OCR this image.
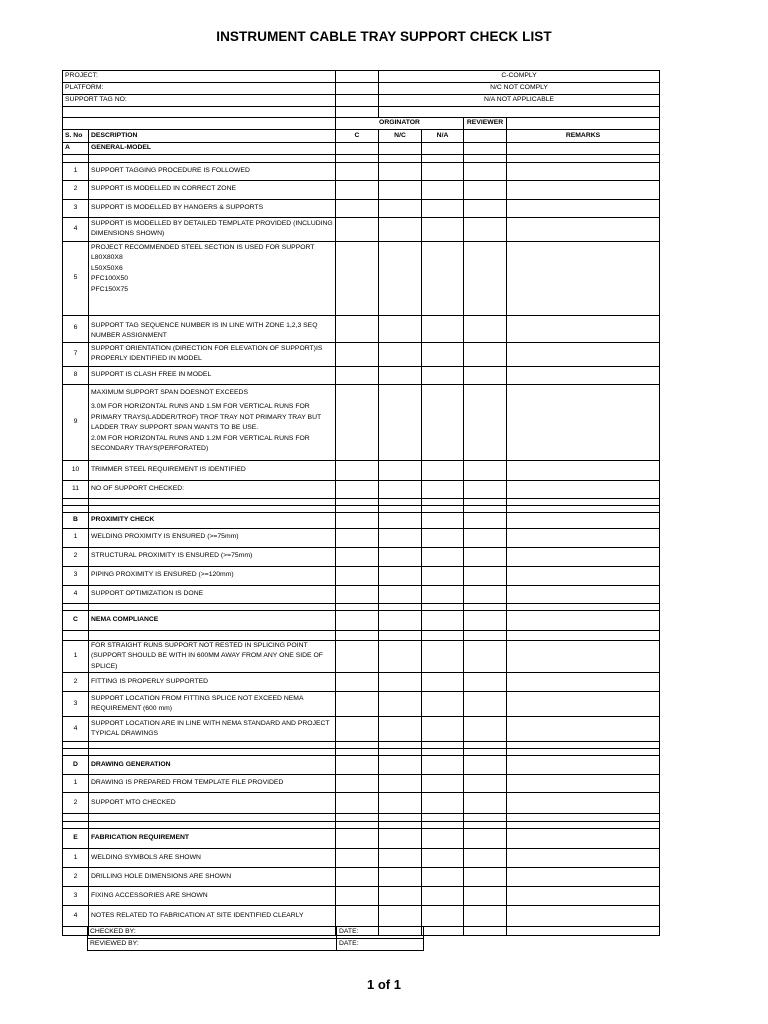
INSTRUMENT CABLE TRAY SUPPORT CHECK LIST
PROJECT:			C-COMPLY			
PLATFORM:			N/C NOT COMPLY			
SUPPORT TAG NO:			N/A NOT APPLICABLE			

		ORGINATOR			REVIEWER	
S. No	DESCRIPTION	C	N/C	N/A		REMARKS
A	GENERAL-MODEL					

1	SUPPORT TAGGING PROCEDURE IS FOLLOWED					
2	SUPPORT IS MODELLED IN CORRECT ZONE					
3	SUPPORT IS MODELLED BY HANGERS & SUPPORTS					
4	SUPPORT IS MODELLED BY DETAILED TEMPLATE PROVIDED (INCLUDING DIMENSIONS SHOWN)					
5	PROJECT RECOMMENDED STEEL SECTION IS USED FOR SUPPORT
L80X80X8
L50X50X6
PFC100X50
PFC150X75					

6	SUPPORT TAG SEQUENCE NUMBER IS IN LINE WITH ZONE 1,2,3 SEQ NUMBER ASSIGNMENT					
7	SUPPORT ORIENTATION (DIRECTION FOR ELEVATION OF SUPPORT)IS PROPERLY IDENTIFIED IN MODEL					
8	SUPPORT IS CLASH FREE IN MODEL					
9	MAXIMUM SUPPORT SPAN DOESNOT EXCEEDS
3.0M FOR HORIZONTAL RUNS AND 1.5M FOR VERTICAL RUNS FOR PRIMARY TRAYS(LADDER/TROF) TROF TRAY NOT PRIMARY TRAY BUT LADDER TRAY SUPPORT SPAN WANTS TO BE USE.
2.0M FOR HORIZONTAL RUNS AND 1.2M FOR VERTICAL RUNS FOR SECONDARY TRAYS(PERFORATED)					

10	TRIMMER STEEL REQUIREMENT IS IDENTIFIED					
11	NO OF SUPPORT CHECKED:					

B	PROXIMITY CHECK					
1	WELDING PROXIMITY IS ENSURED (>=75mm)					
2	STRUCTURAL PROXIMITY IS ENSURED (>=75mm)					
3	PIPING PROXIMITY IS ENSURED (>=120mm)					
4	SUPPORT OPTIMIZATION IS DONE					

C	NEMA COMPLIANCE					

1	FOR STRAIGHT RUNS SUPPORT NOT RESTED IN SPLICING POINT (SUPPORT SHOULD BE WITH IN 600MM AWAY FROM ANY ONE SIDE OF SPLICE)					
2	FITTING IS PROPERLY SUPPORTED					
3	SUPPORT LOCATION FROM FITTING SPLICE NOT EXCEED NEMA REQUIREMENT (600 mm)					
4	SUPPORT LOCATION ARE IN LINE WITH NEMA STANDARD AND PROJECT TYPICAL DRAWINGS					

D	DRAWING GENERATION					
1	DRAWING IS PREPARED FROM TEMPLATE FILE PROVIDED					
2	SUPPORT MTO CHECKED					

E	FABRICATION REQUIREMENT					
1	WELDING SYMBOLS ARE SHOWN					
2	DRILLING HOLE DIMENSIONS ARE SHOWN					
3	FIXING ACCESSORIES ARE SHOWN					
4	NOTES RELATED TO FABRICATION AT SITE IDENTIFIED CLEARLY					

CHECKED BY:	DATE:
REVIEWED BY:	DATE:
1 of 1
